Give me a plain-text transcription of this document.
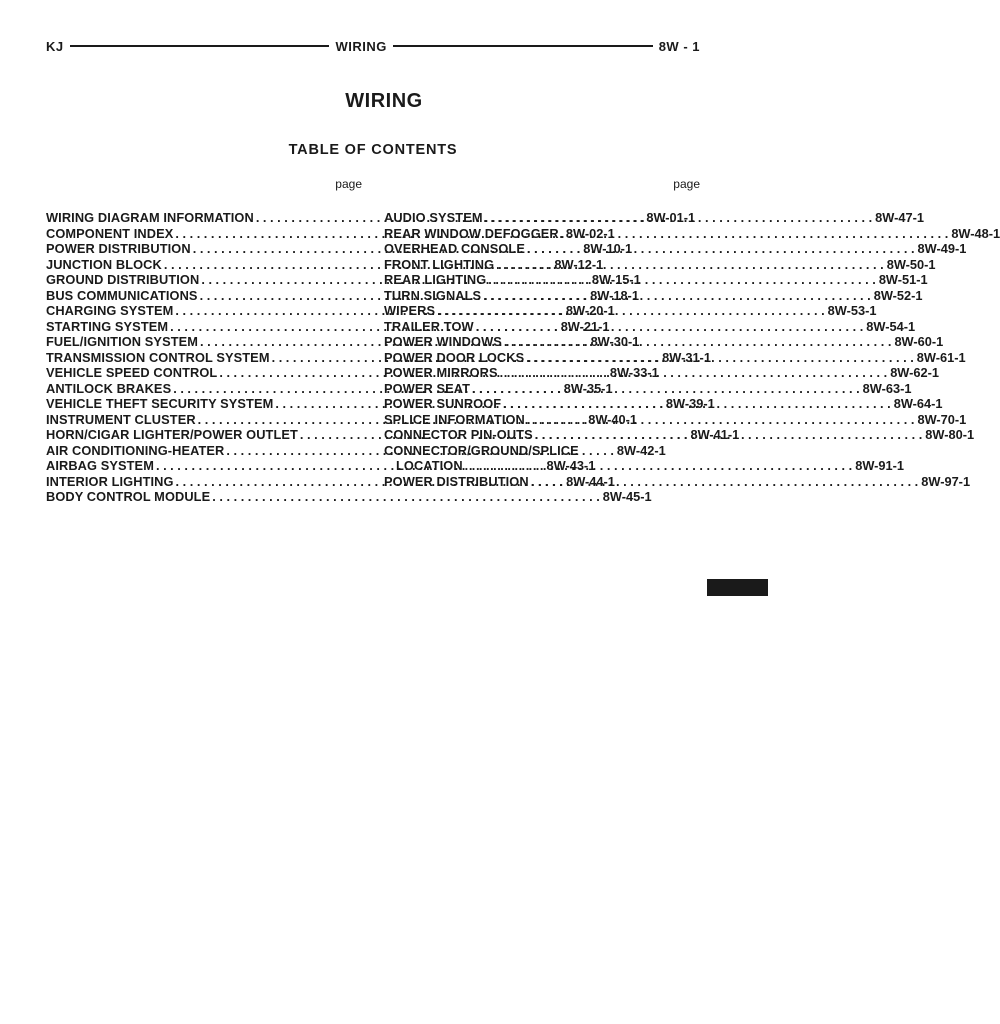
KJ	WIRING	8W - 1
WIRING
TABLE OF CONTENTS
page
WIRING DIAGRAM INFORMATION . . .	8W-01-1
COMPONENT INDEX . . .	8W-02-1
POWER DISTRIBUTION . . .	8W-10-1
JUNCTION BLOCK . . .	8W-12-1
GROUND DISTRIBUTION . . .	8W-15-1
BUS COMMUNICATIONS . . .	8W-18-1
CHARGING SYSTEM . . .	8W-20-1
STARTING SYSTEM . . .	8W-21-1
FUEL/IGNITION SYSTEM . . .	8W-30-1
TRANSMISSION CONTROL SYSTEM . . .	8W-31-1
VEHICLE SPEED CONTROL . . .	8W-33-1
ANTILOCK BRAKES . . .	8W-35-1
VEHICLE THEFT SECURITY SYSTEM . . .	8W-39-1
INSTRUMENT CLUSTER . . .	8W-40-1
HORN/CIGAR LIGHTER/POWER OUTLET . . .	8W-41-1
AIR CONDITIONING-HEATER . . .	8W-42-1
AIRBAG SYSTEM . . .	8W-43-1
INTERIOR LIGHTING . . .	8W-44-1
BODY CONTROL MODULE . . .	8W-45-1
page
AUDIO SYSTEM . . .	8W-47-1
REAR WINDOW DEFOGGER . . .	8W-48-1
OVERHEAD CONSOLE . . .	8W-49-1
FRONT LIGHTING . . .	8W-50-1
REAR LIGHTING . . .	8W-51-1
TURN SIGNALS . . .	8W-52-1
WIPERS . . .	8W-53-1
TRAILER TOW . . .	8W-54-1
POWER WINDOWS . . .	8W-60-1
POWER DOOR LOCKS . . .	8W-61-1
POWER MIRRORS . . .	8W-62-1
POWER SEAT . . .	8W-63-1
POWER SUNROOF . . .	8W-64-1
SPLICE INFORMATION . . .	8W-70-1
CONNECTOR PIN-OUTS . . .	8W-80-1
CONNECTOR/GROUND/SPLICE
LOCATION . . .	8W-91-1
POWER DISTRIBUTION . . .	8W-97-1
